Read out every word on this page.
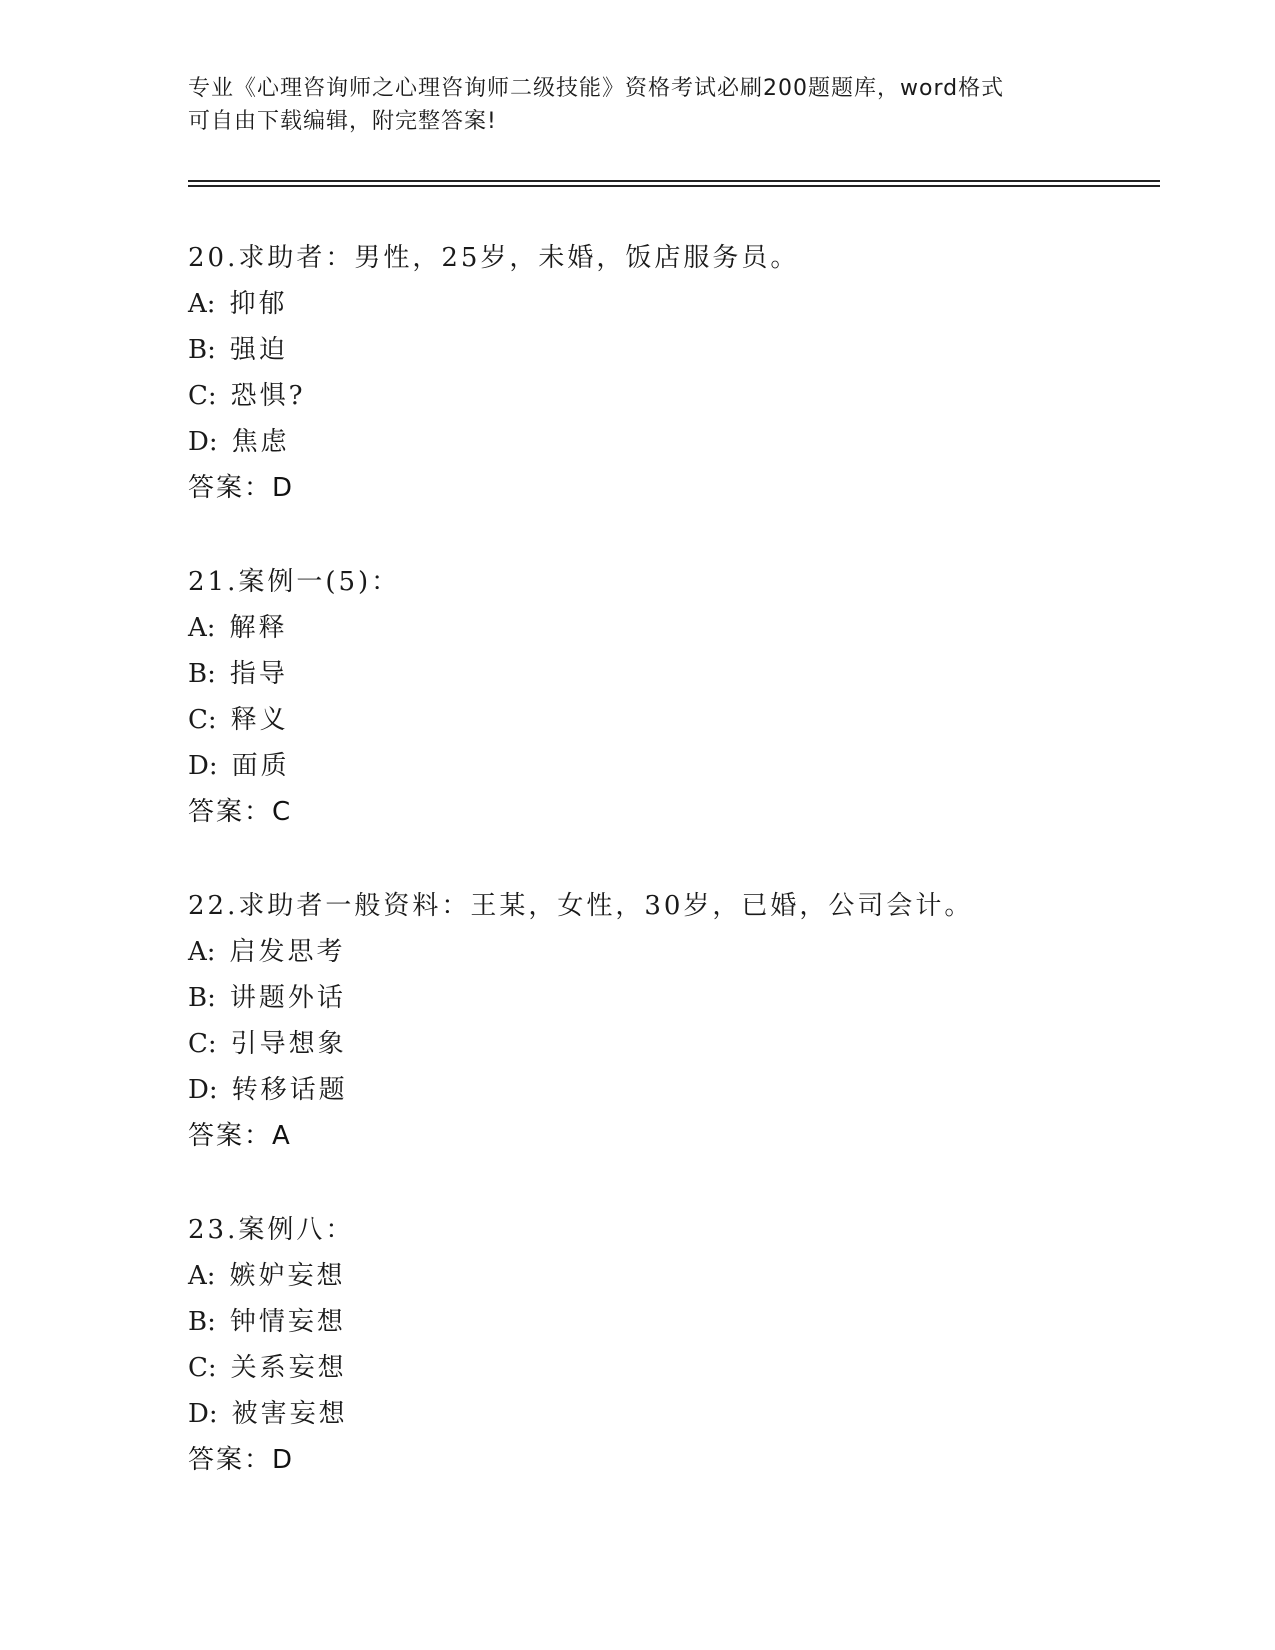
专业《心理咨询师之心理咨询师二级技能》资格考试必刷200题题库，word格式
可自由下载编辑，附完整答案!
20.求助者：男性，25岁，未婚，饭店服务员。
A: 抑郁
B: 强迫
C: 恐惧?
D: 焦虑
答案：D
21.案例一(5)：
A: 解释
B: 指导
C: 释义
D: 面质
答案：C
22.求助者一般资料：王某，女性，30岁，已婚，公司会计。
A: 启发思考
B: 讲题外话
C: 引导想象
D: 转移话题
答案：A
23.案例八：
A: 嫉妒妄想
B: 钟情妄想
C: 关系妄想
D: 被害妄想
答案：D
